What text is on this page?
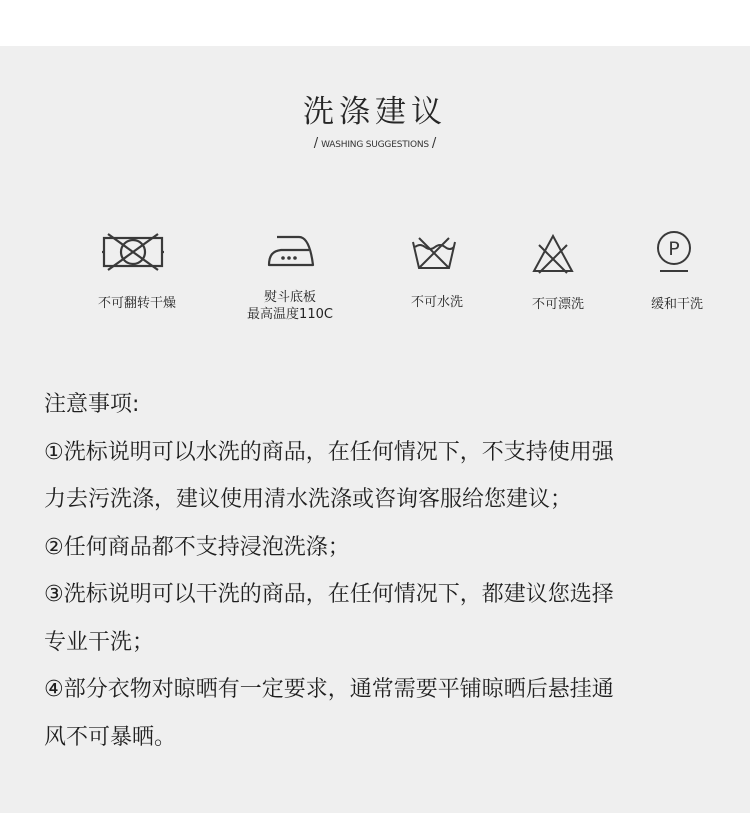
洗涤建议
/ WASHING SUGGESTIONS /
不可翻转干燥	熨斗底板
最高温度110C
不可水洗	不可漂洗
P
缓和干洗

注意事项:

①洗标说明可以水洗的商品，在任何情况下，不支持使用强

力去污洗涤，建议使用清水洗涤或咨询客服给您建议；

②任何商品都不支持浸泡洗涤；

③洗标说明可以干洗的商品，在任何情况下，都建议您选择

专业干洗；

④部分衣物对晾晒有一定要求，通常需要平铺晾晒后悬挂通

风不可暴晒。
